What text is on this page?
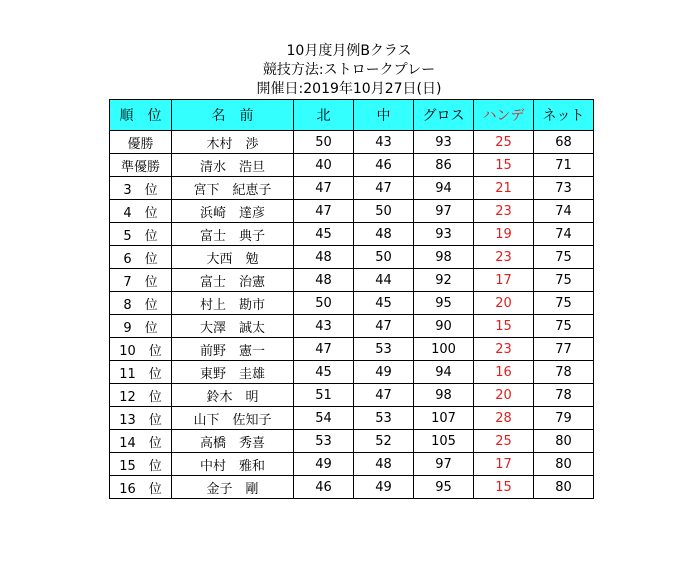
10月度月例Bクラス
競技方法:ストロークプレー
開催日:2019年10月27日(日)
順　位	名　前	北	中	グロス	ハンデ	ネット
優勝	木村　渉	50	43	93	25	68
準優勝	清水　浩旦	40	46	86	15	71
3　位	宮下　紀恵子	47	47	94	21	73
4　位	浜崎　達彦	47	50	97	23	74
5　位	富士　典子	45	48	93	19	74
6　位	大西　勉	48	50	98	23	75
7　位	富士　治憲	48	44	92	17	75
8　位	村上　勘市	50	45	95	20	75
9　位	大澤　誠太	43	47	90	15	75
10　位	前野　憲一	47	53	100	23	77
11　位	東野　圭雄	45	49	94	16	78
12　位	鈴木　明	51	47	98	20	78
13　位	山下　佐知子	54	53	107	28	79
14　位	高橋　秀喜	53	52	105	25	80
15　位	中村　雅和	49	48	97	17	80
16　位	金子　剛	46	49	95	15	80
